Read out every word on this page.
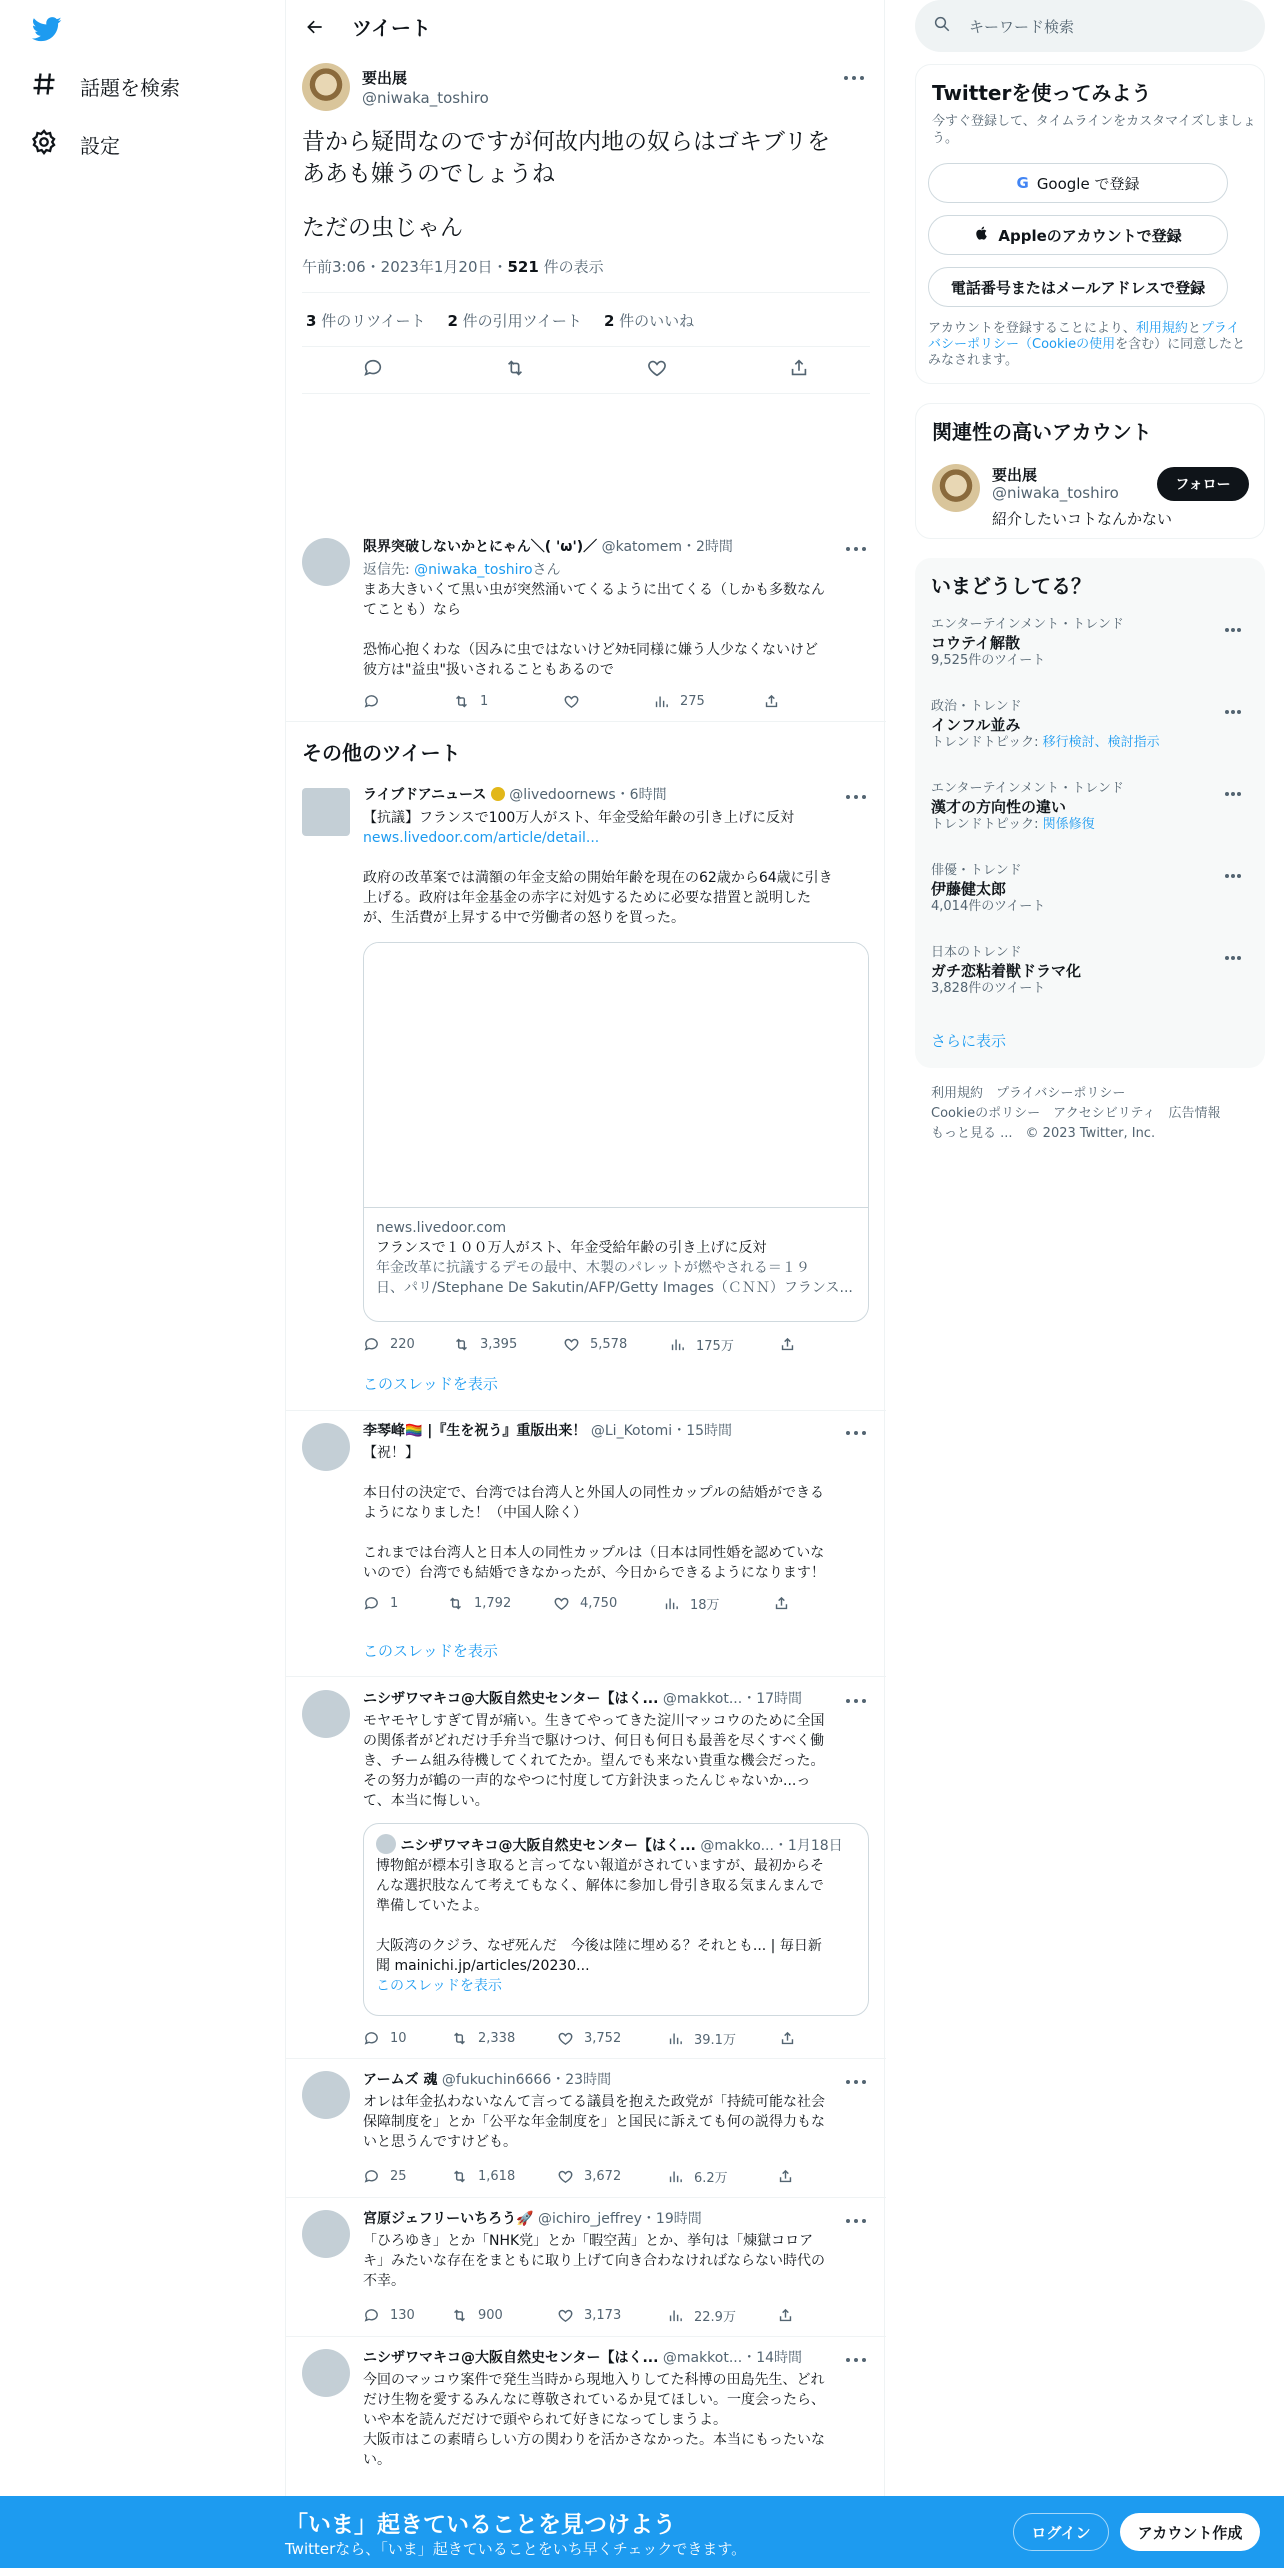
話題を検索
設定
ツイート
要出展
@niwaka_toshiro
昔から疑問なのですが何故内地の奴らはゴキブリを
ああも嫌うのでしょうね
ただの虫じゃん
午前3:06・2023年1月20日・521 件の表示
3 件のリツイート 2 件の引用ツイート 2 件のいいね
限界突破しないかとにゃん＼( 'ω')／ @katomem・2時間
返信先: @niwaka_toshiroさん
まあ大きいくて黒い虫が突然涌いてくるように出てくる（しかも多数なん
てことも）なら
恐怖心抱くわな（因みに虫ではないけどﾀｶﾓ同様に嫌う人少なくないけど
彼方は"益虫"扱いされることもあるので
1	275
その他のツイート
ライブドアニュース @livedoornews・6時間
【抗議】フランスで100万人がスト、年金受給年齢の引き上げに反対
news.livedoor.com/article/detail...
政府の改革案では満額の年金支給の開始年齢を現在の62歳から64歳に引き
上げる。政府は年金基金の赤字に対処するために必要な措置と説明した
が、生活費が上昇する中で労働者の怒りを買った。
news.livedoor.com
フランスで１００万人がスト、年金受給年齢の引き上げに反対
年金改革に抗議するデモの最中、木製のパレットが燃やされる＝１９
日、パリ/Stephane De Sakutin/AFP/Getty Images（ＣＮＮ）フランス...
220	3,395	5,578	175万
このスレッドを表示
李琴峰🏳️‍🌈 |『生を祝う』重版出来！ @Li_Kotomi・15時間
【祝！】
本日付の決定で、台湾では台湾人と外国人の同性カップルの結婚ができる
ようになりました！（中国人除く）
これまでは台湾人と日本人の同性カップルは（日本は同性婚を認めていな
いので）台湾でも結婚できなかったが、今日からできるようになります！
1	1,792	4,750	18万
このスレッドを表示
ニシザワマキコ@大阪自然史センター【はく... @makkot...・17時間
モヤモヤしすぎて胃が痛い。生きてやってきた淀川マッコウのために全国
の関係者がどれだけ手弁当で駆けつけ、何日も何日も最善を尽くすべく働
き、チーム組み待機してくれてたか。望んでも来ない貴重な機会だった。
その努力が鶴の一声的なやつに忖度して方針決まったんじゃないか...っ
て、本当に悔しい。
ニシザワマキコ@大阪自然史センター【はく... @makko...・1月18日
博物館が標本引き取ると言ってない報道がされていますが、最初からそ
んな選択肢なんて考えてもなく、解体に参加し骨引き取る気まんまんで
準備していたよ。
大阪湾のクジラ、なぜ死んだ　今後は陸に埋める？それとも... | 毎日新
聞 mainichi.jp/articles/20230...
このスレッドを表示
10	2,338	3,752	39.1万
アームズ 魂 @fukuchin6666・23時間
オレは年金払わないなんて言ってる議員を抱えた政党が「持続可能な社会
保障制度を」とか「公平な年金制度を」と国民に訴えても何の説得力もな
いと思うんですけども。
25	1,618	3,672	6.2万
宮原ジェフリーいちろう🚀 @ichiro_jeffrey・19時間
「ひろゆき」とか「NHK党」とか「暇空茜」とか、挙句は「煉獄コロア
キ」みたいな存在をまともに取り上げて向き合わなければならない時代の
不幸。
130	900	3,173	22.9万
ニシザワマキコ@大阪自然史センター【はく... @makkot...・14時間
今回のマッコウ案件で発生当時から現地入りしてた科博の田島先生、どれ
だけ生物を愛するみんなに尊敬されているか見てほしい。一度会ったら、
いや本を読んだだけで頭やられて好きになってしまうよ。
大阪市はこの素晴らしい方の関わりを活かさなかった。本当にもったいな
い。
キーワード検索
Twitterを使ってみよう
今すぐ登録して、タイムラインをカスタマイズしましょ
う。
G Google で登録
Appleのアカウントで登録
電話番号またはメールアドレスで登録
アカウントを登録することにより、利用規約とプライ
バシーポリシー（Cookieの使用を含む）に同意したと
みなされます。
関連性の高いアカウント
要出展
@niwaka_toshiro
紹介したいコトなんかない
フォロー
いまどうしてる？
エンターテインメント・トレンド
コウテイ解散
9,525件のツイート
政治・トレンド
インフル並み
トレンドトピック: 移行検討、検討指示
エンターテインメント・トレンド
漢才の方向性の違い
トレンドトピック: 関係修復
俳優・トレンド
伊藤健太郎
4,014件のツイート
日本のトレンド
ガチ恋粘着獣ドラマ化
3,828件のツイート
さらに表示
利用規約　 プライバシーポリシー
Cookieのポリシー　 アクセシビリティ　 広告情報
もっと見る ...　 © 2023 Twitter, Inc.
「いま」起きていることを見つけよう
Twitterなら、「いま」起きていることをいち早くチェックできます。
ログイン	アカウント作成
